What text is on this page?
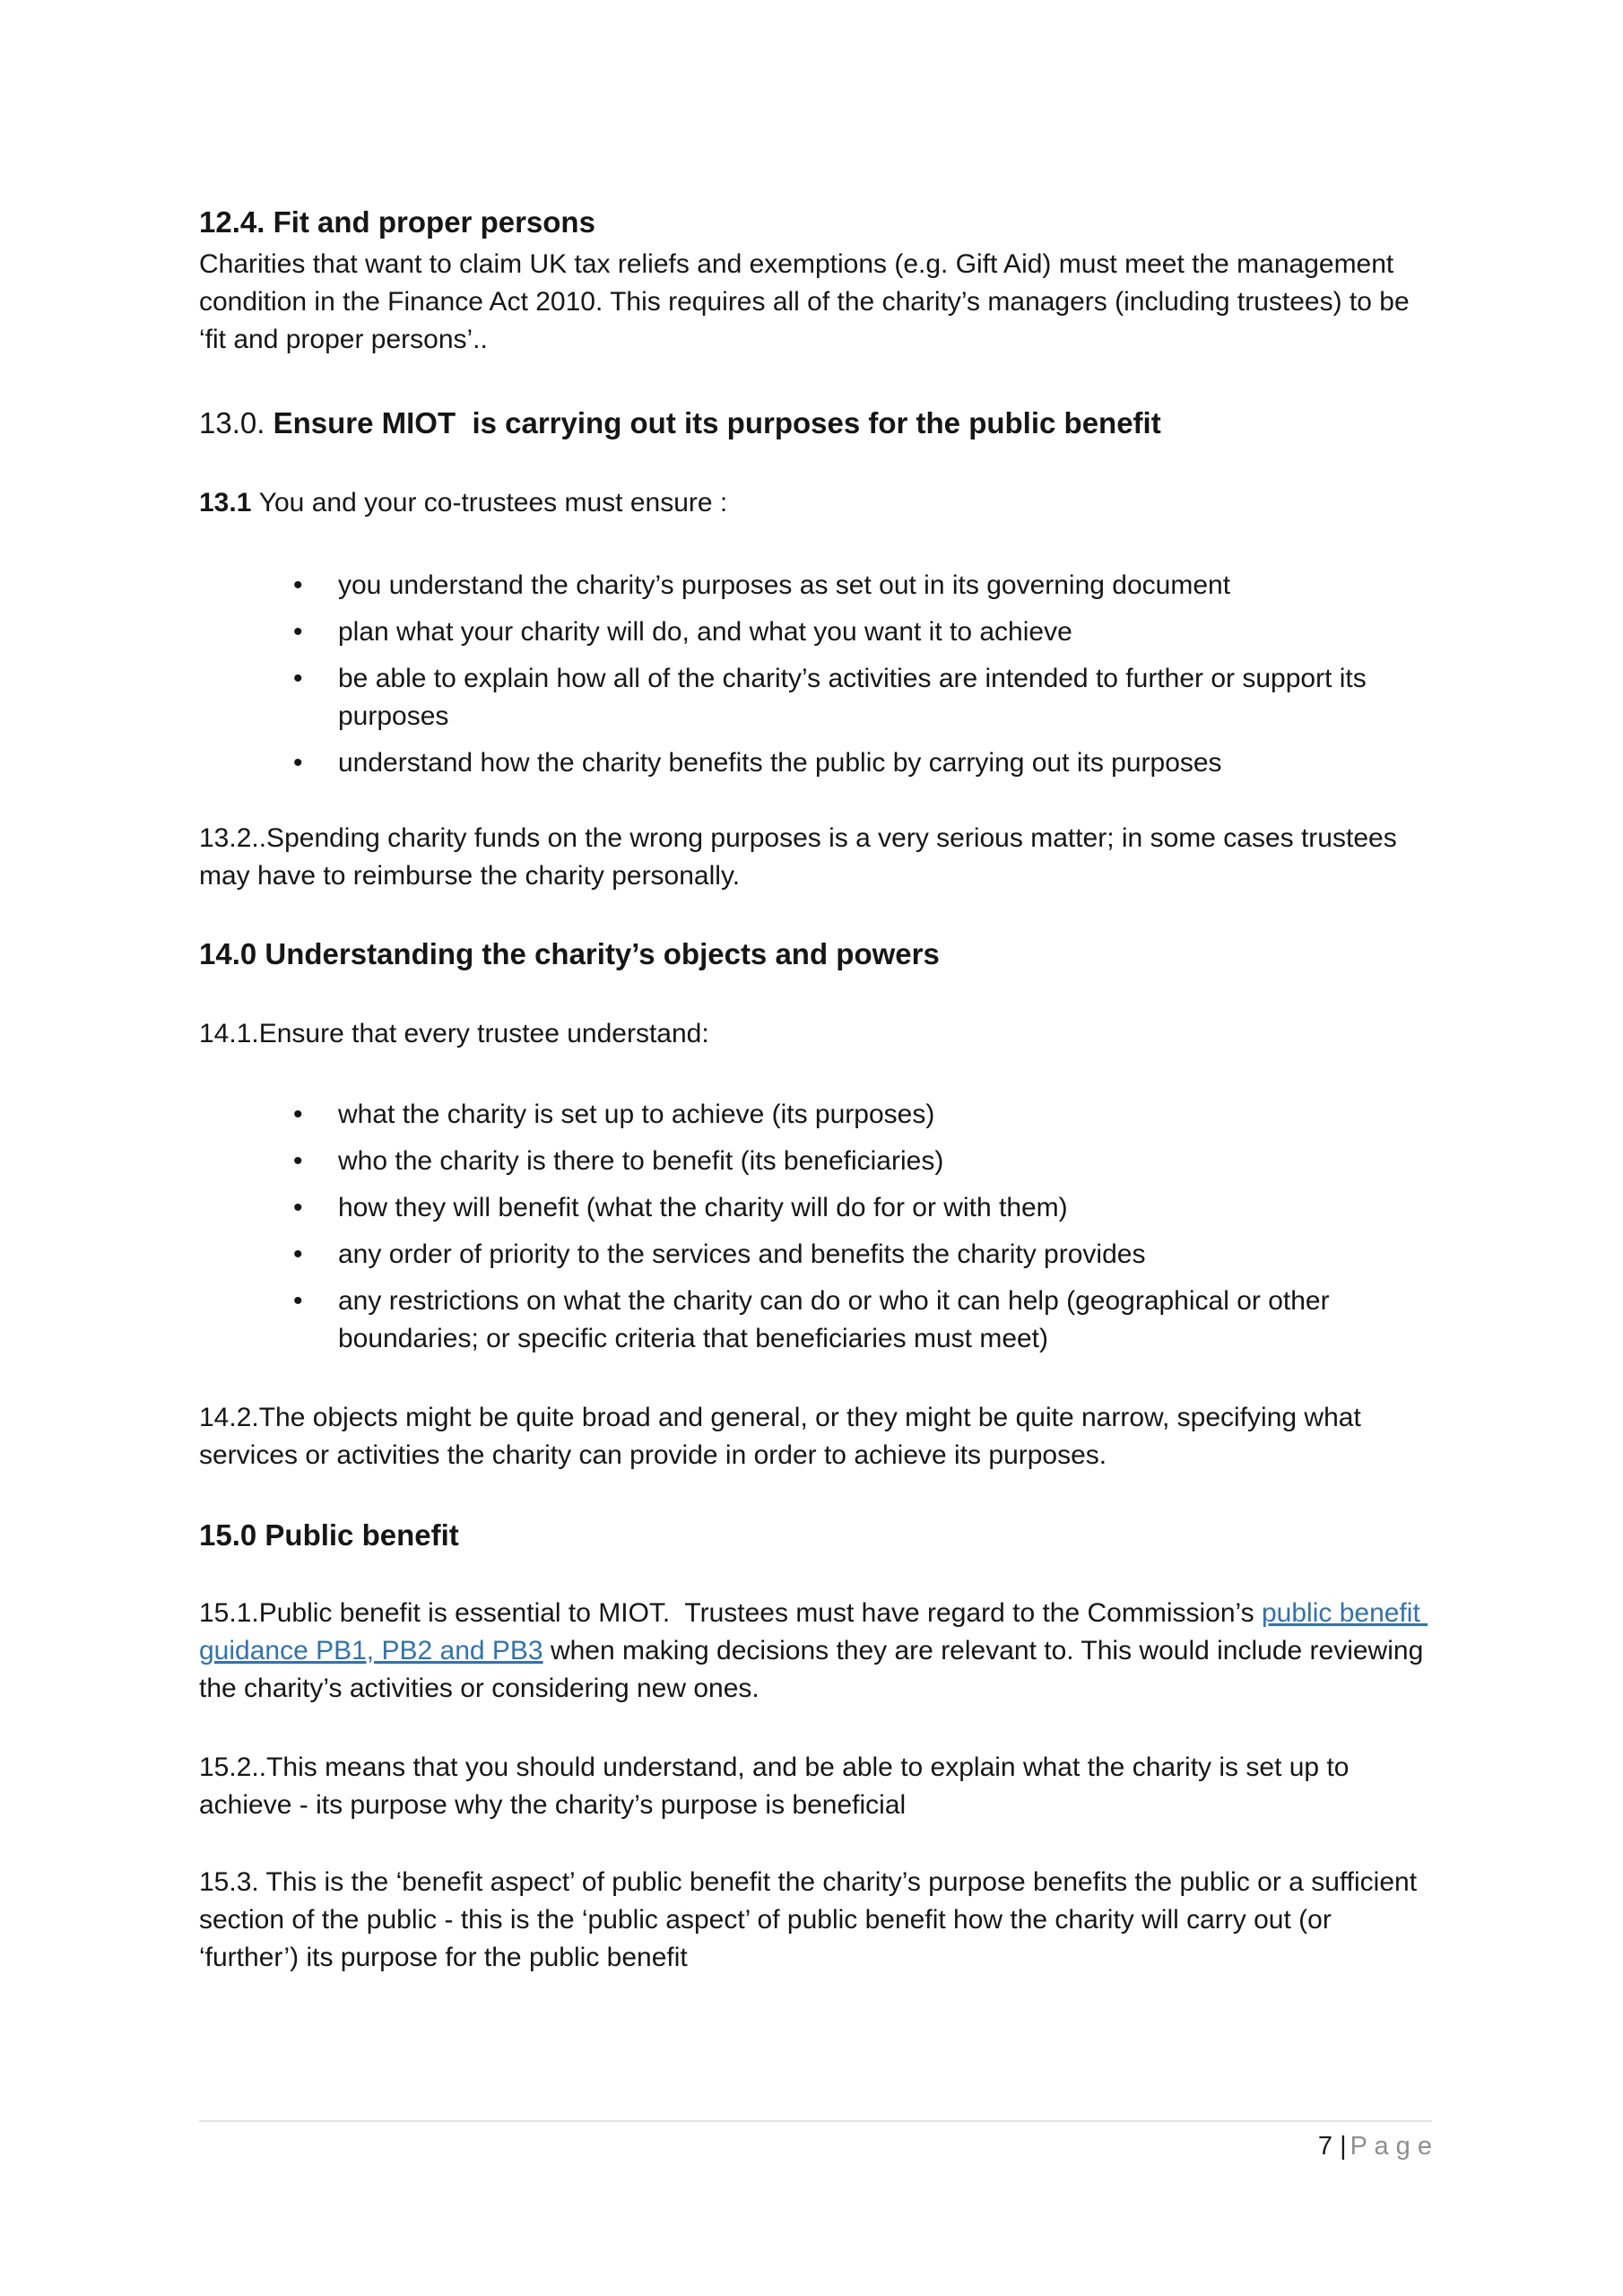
12.4. Fit and proper persons

Charities that want to claim UK tax reliefs and exemptions (e.g. Gift Aid) must meet the management condition in the Finance Act 2010. This requires all of the charity’s managers (including trustees) to be ‘fit and proper persons’..

13.0. Ensure MIOT  is carrying out its purposes for the public benefit

13.1 You and your co-trustees must ensure :

• you understand the charity’s purposes as set out in its governing document
• plan what your charity will do, and what you want it to achieve
• be able to explain how all of the charity’s activities are intended to further or support its purposes
• understand how the charity benefits the public by carrying out its purposes

13.2..Spending charity funds on the wrong purposes is a very serious matter; in some cases trustees may have to reimburse the charity personally.

14.0 Understanding the charity’s objects and powers

14.1.Ensure that every trustee understand:

• what the charity is set up to achieve (its purposes)
• who the charity is there to benefit (its beneficiaries)
• how they will benefit (what the charity will do for or with them)
• any order of priority to the services and benefits the charity provides
• any restrictions on what the charity can do or who it can help (geographical or other boundaries; or specific criteria that beneficiaries must meet)

14.2.The objects might be quite broad and general, or they might be quite narrow, specifying what services or activities the charity can provide in order to achieve its purposes.

15.0 Public benefit

15.1.Public benefit is essential to MIOT.  Trustees must have regard to the Commission’s public benefit guidance PB1, PB2 and PB3 when making decisions they are relevant to. This would include reviewing the charity’s activities or considering new ones.

15.2..This means that you should understand, and be able to explain what the charity is set up to achieve - its purpose why the charity’s purpose is beneficial

15.3. This is the ‘benefit aspect’ of public benefit the charity’s purpose benefits the public or a sufficient section of the public - this is the ‘public aspect’ of public benefit how the charity will carry out (or ‘further’) its purpose for the public benefit

7 | P a g e
